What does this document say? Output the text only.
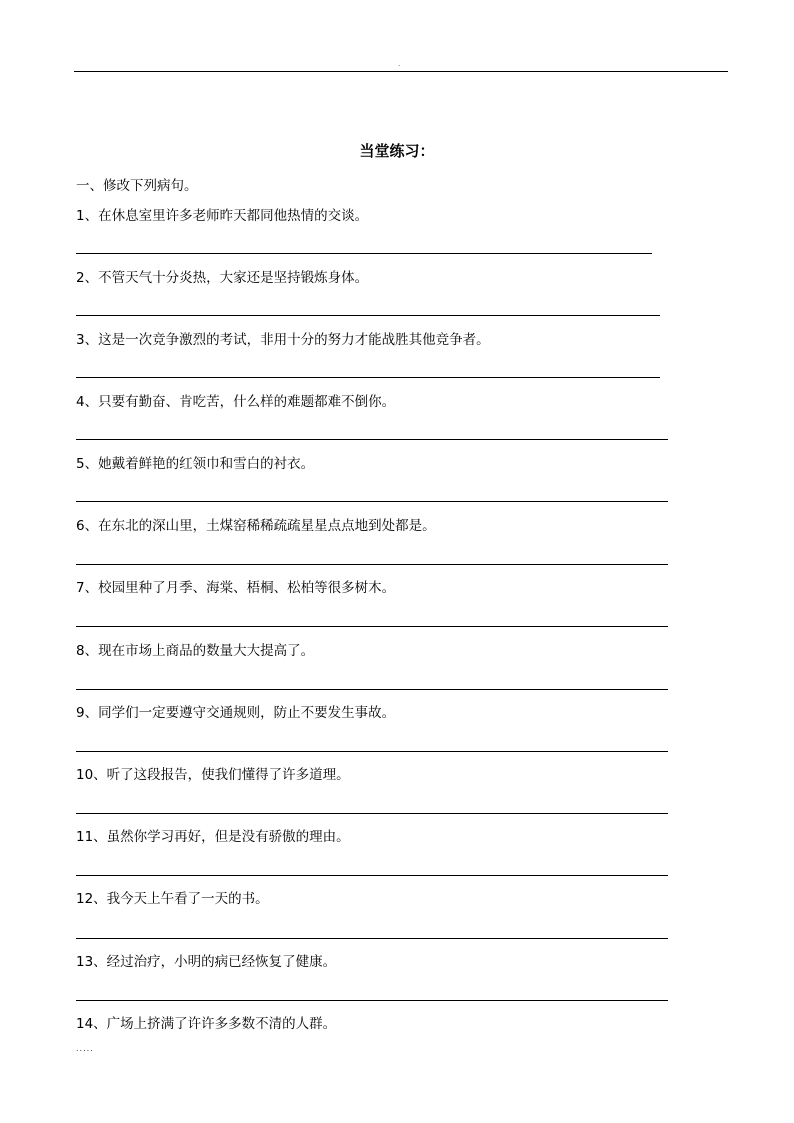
.
当堂练习：
一、修改下列病句。
1、在休息室里许多老师昨天都同他热情的交谈。
2、不管天气十分炎热，大家还是坚持锻炼身体。
3、这是一次竞争激烈的考试，非用十分的努力才能战胜其他竞争者。
4、只要有勤奋、肯吃苦，什么样的难题都难不倒你。
5、她戴着鲜艳的红领巾和雪白的衬衣。
6、在东北的深山里，土煤窑稀稀疏疏星星点点地到处都是。
7、校园里种了月季、海棠、梧桐、松柏等很多树木。
8、现在市场上商品的数量大大提高了。
9、同学们一定要遵守交通规则，防止不要发生事故。
10、听了这段报告，使我们懂得了许多道理。
11、虽然你学习再好，但是没有骄傲的理由。
12、我今天上午看了一天的书。
13、经过治疗，小明的病已经恢复了健康。
14、广场上挤满了许许多多数不清的人群。
.....
